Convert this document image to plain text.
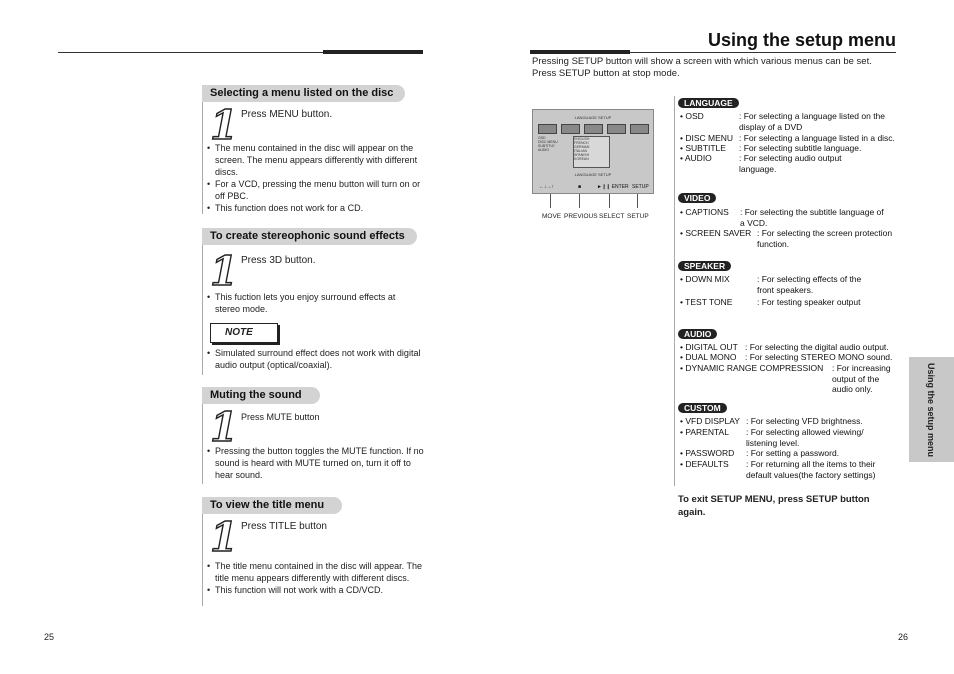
Selecting a menu listed on the disc
1 Press MENU button.
• The menu contained in the disc will appear on the screen. The menu appears differently with different discs.
• For a VCD, pressing the menu button will turn on or off PBC.
• This function does not work for a CD.
To create stereophonic sound effects
1 Press 3D button.
• This fuction lets you enjoy surround effects at stereo mode.
NOTE
• Simulated surround effect does not work with digital audio output (optical/coaxial).
Muting the sound
1 Press MUTE button
• Pressing the button toggles the MUTE function. If no sound is heard with MUTE turned on, turn it off to hear sound.
To view the title menu
1 Press TITLE button
• The title menu contained in the disc will appear. The title menu appears differently with different discs.
• This function will not work with a CD/VCD.
25
Using the setup menu
Pressing SETUP button will show a screen with which various menus can be set. Press SETUP button at stop mode.
LANGUAGE SETUP
OSD
DISC MENU
SUBTITLE
AUDIO
ENGLISH
FRENCH
GERMAN
ITALIAN
SPANISH
KOREAN
LANGUAGE SETUP
←↓→↑	■	►❙❙ ENTER SETUP
MOVE PREVIOUS SELECT SETUP
LANGUAGE
• OSD	: For selecting a language listed on the display of a DVD
• DISC MENU : For selecting a language listed in a disc.
• SUBTITLE : For selecting subtitle language.
• AUDIO	: For selecting audio output language.
VIDEO
• CAPTIONS : For selecting the subtitle language of a VCD.
• SCREEN SAVER : For selecting the screen protection function.
SPEAKER
• DOWN MIX	: For selecting effects of the front speakers.
• TEST TONE	: For testing speaker output
AUDIO
• DIGITAL OUT : For selecting the digital audio output.
• DUAL MONO : For selecting STEREO MONO sound.
• DYNAMIC RANGE COMPRESSION : For increasing output of the audio only.
CUSTOM
• VFD DISPLAY : For selecting VFD brightness.
• PARENTAL : For selecting allowed viewing/ listening level.
• PASSWORD : For setting a password.
• DEFAULTS : For returning all the items to their default values(the factory settings)
To exit SETUP MENU, press SETUP button again.
Using the setup menu
26
